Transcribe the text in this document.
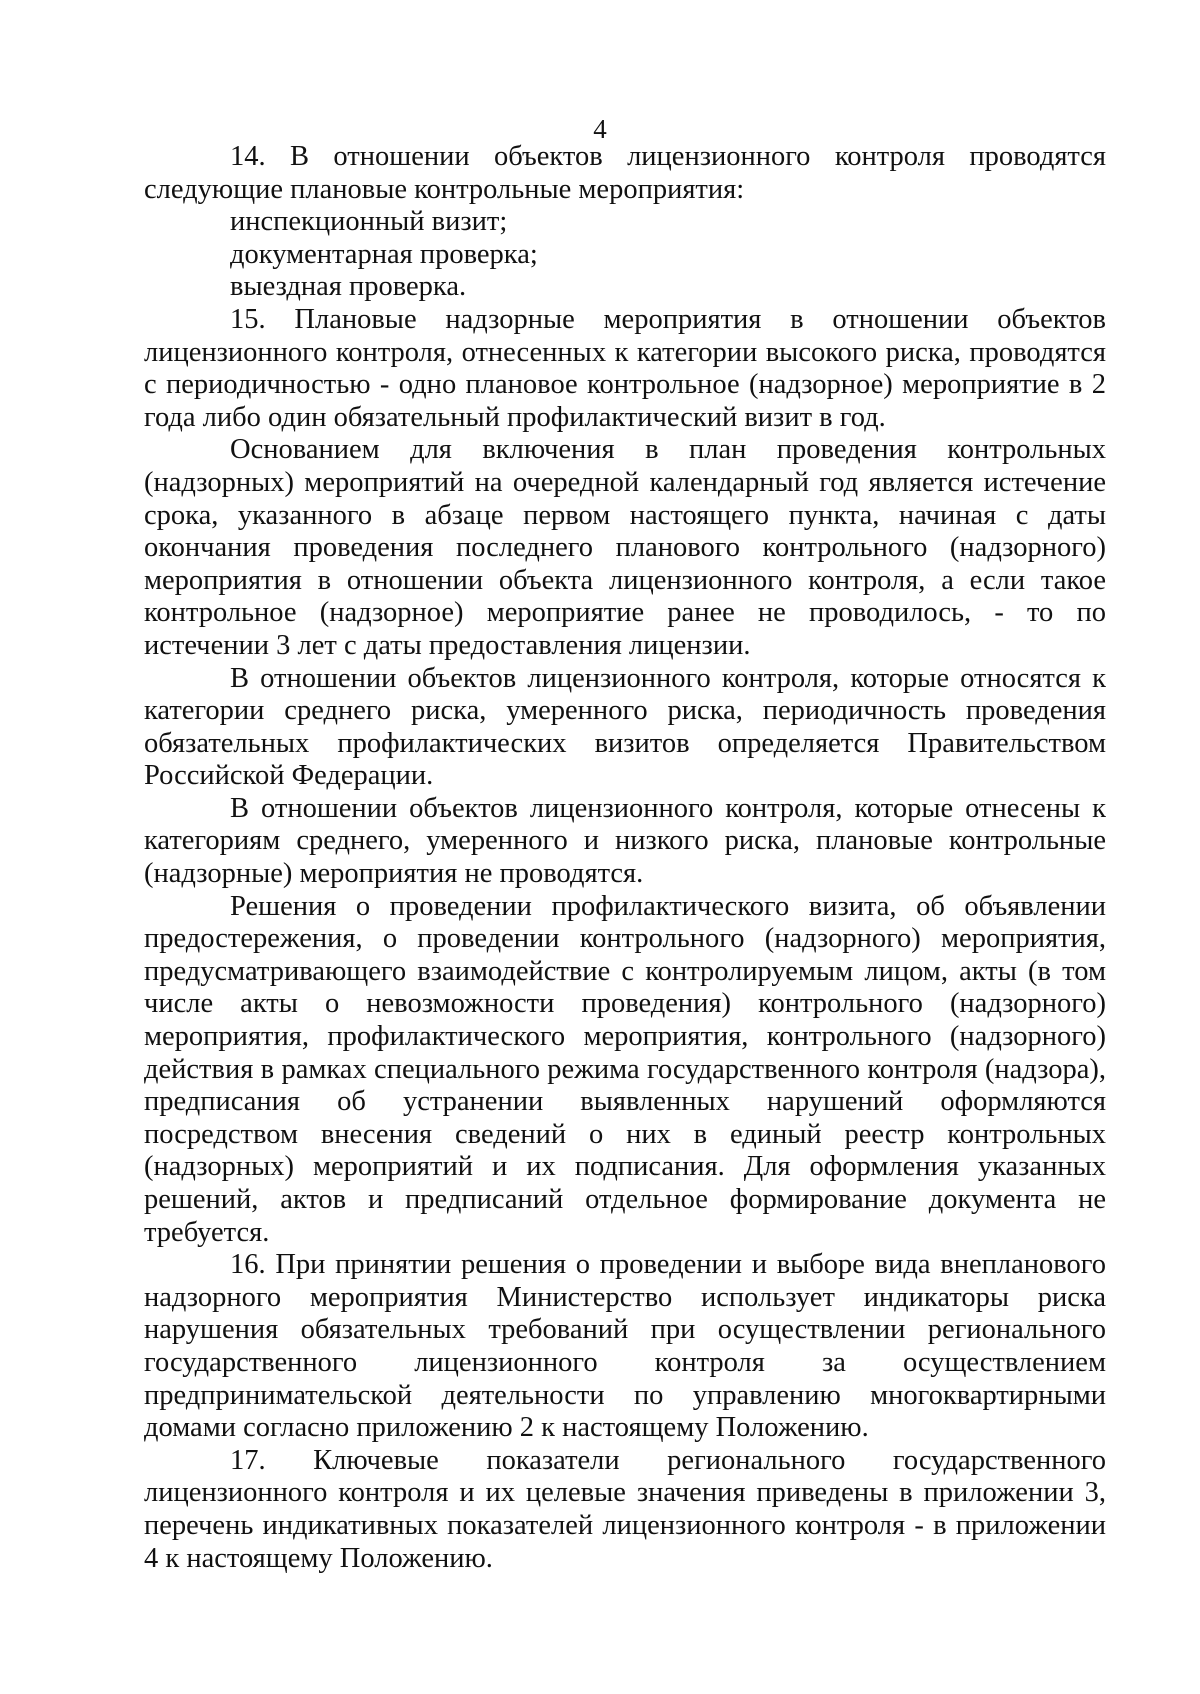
4

14. В отношении объектов лицензионного контроля проводятся следующие плановые контрольные мероприятия:

инспекционный визит;

документарная проверка;

выездная проверка.

15. Плановые надзорные мероприятия в отношении объектов лицензионного контроля, отнесенных к категории высокого риска, проводятся с периодичностью - одно плановое контрольное (надзорное) мероприятие в 2 года либо один обязательный профилактический визит в год.

Основанием для включения в план проведения контрольных (надзорных) мероприятий на очередной календарный год является истечение срока, указанного в абзаце первом настоящего пункта, начиная с даты окончания проведения последнего планового контрольного (надзорного) мероприятия в отношении объекта лицензионного контроля, а если такое контрольное (надзорное) мероприятие ранее не проводилось, - то по истечении 3 лет с даты предоставления лицензии.

В отношении объектов лицензионного контроля, которые относятся к категории среднего риска, умеренного риска, периодичность проведения обязательных профилактических визитов определяется Правительством Российской Федерации.

В отношении объектов лицензионного контроля, которые отнесены к категориям среднего, умеренного и низкого риска, плановые контрольные (надзорные) мероприятия не проводятся.

Решения о проведении профилактического визита, об объявлении предостережения, о проведении контрольного (надзорного) мероприятия, предусматривающего взаимодействие с контролируемым лицом, акты (в том числе акты о невозможности проведения) контрольного (надзорного) мероприятия, профилактического мероприятия, контрольного (надзорного) действия в рамках специального режима государственного контроля (надзора), предписания об устранении выявленных нарушений оформляются посредством внесения сведений о них в единый реестр контрольных (надзорных) мероприятий и их подписания. Для оформления указанных решений, актов и предписаний отдельное формирование документа не требуется.

16. При принятии решения о проведении и выборе вида внепланового надзорного мероприятия Министерство использует индикаторы риска нарушения обязательных требований при осуществлении регионального государственного лицензионного контроля за осуществлением предпринимательской деятельности по управлению многоквартирными домами согласно приложению 2 к настоящему Положению.

17. Ключевые показатели регионального государственного лицензионного контроля и их целевые значения приведены в приложении 3, перечень индикативных показателей лицензионного контроля - в приложении 4 к настоящему Положению.
